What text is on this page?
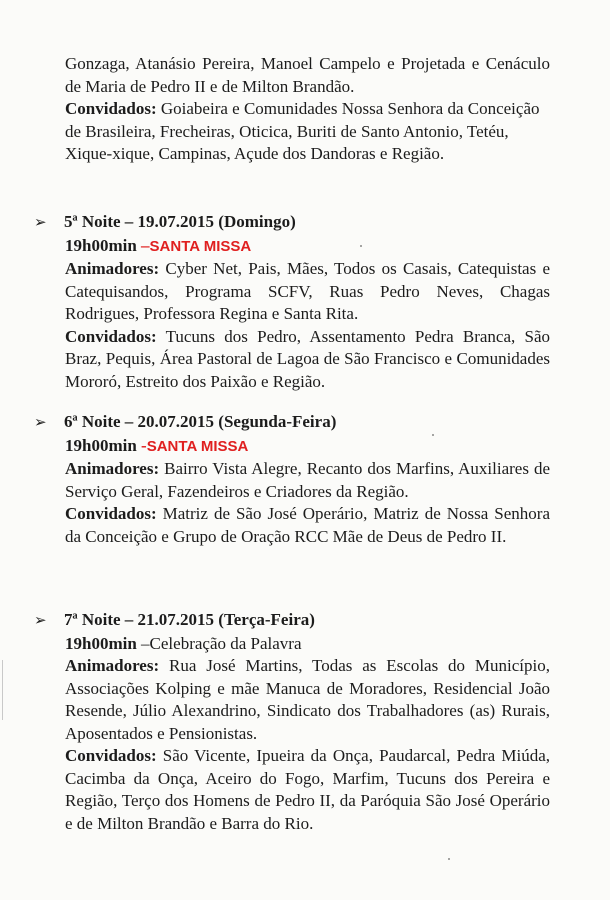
Gonzaga, Atanásio Pereira, Manoel Campelo e Projetada e Cenáculo de Maria de Pedro II e de Milton Brandão.

Convidados: Goiabeira e Comunidades Nossa Senhora da Conceição de Brasileira, Frecheiras, Oticica, Buriti de Santo Antonio, Tetéu, Xique-xique, Campinas, Açude dos Dandoras e Região.

➢	5ª Noite – 19.07.2015 (Domingo)

19h00min –SANTA MISSA

Animadores: Cyber Net, Pais, Mães, Todos os Casais, Catequistas e Catequisandos, Programa SCFV, Ruas Pedro Neves, Chagas Rodrigues, Professora Regina e Santa Rita.

Convidados: Tucuns dos Pedro, Assentamento Pedra Branca, São Braz, Pequis, Área Pastoral de Lagoa de São Francisco e Comunidades Mororó, Estreito dos Paixão e Região.

➢	6ª Noite – 20.07.2015 (Segunda-Feira)

19h00min -SANTA MISSA

Animadores: Bairro Vista Alegre, Recanto dos Marfins, Auxiliares de Serviço Geral, Fazendeiros e Criadores da Região.

Convidados: Matriz de São José Operário, Matriz de Nossa Senhora da Conceição e Grupo de Oração RCC Mãe de Deus de Pedro II.

➢	7ª Noite – 21.07.2015 (Terça-Feira)

19h00min –Celebração da Palavra

Animadores: Rua José Martins, Todas as Escolas do Município, Associações Kolping e mãe Manuca de Moradores, Residencial João Resende, Júlio Alexandrino, Sindicato dos Trabalhadores (as) Rurais, Aposentados e Pensionistas.

Convidados: São Vicente, Ipueira da Onça, Paudarcal, Pedra Miúda, Cacimba da Onça, Aceiro do Fogo, Marfim, Tucuns dos Pereira e Região, Terço dos Homens de Pedro II, da Paróquia São José Operário e de Milton Brandão e Barra do Rio.
